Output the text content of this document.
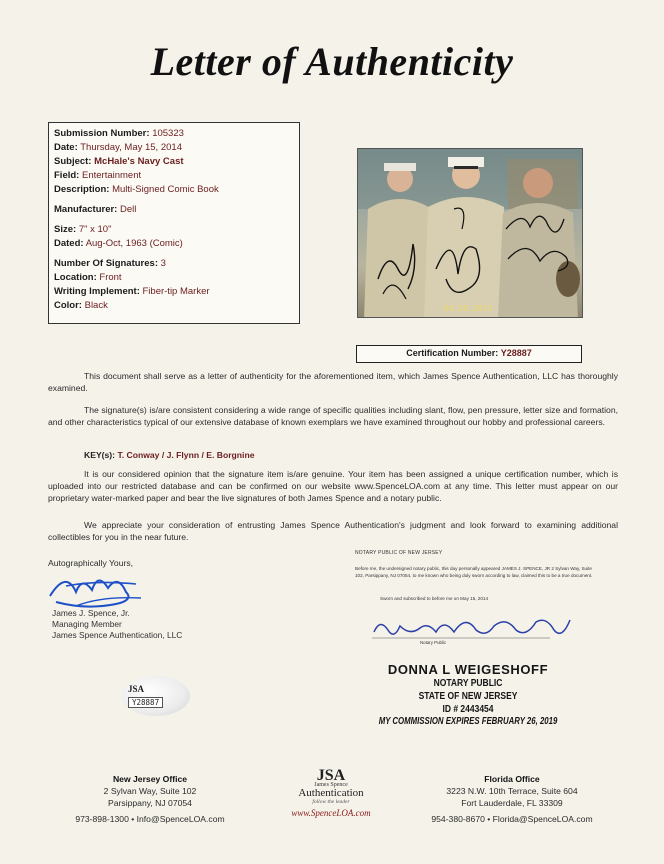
Letter of Authenticity
Submission Number: 105323
Date: Thursday, May 15, 2014
Subject: McHale's Navy Cast
Field: Entertainment
Description: Multi-Signed Comic Book
Manufacturer: Dell
Size: 7" x 10"
Dated: Aug-Oct, 1963 (Comic)
Number Of Signatures: 3
Location: Front
Writing Implement: Fiber-tip Marker
Color: Black	04.28.2014
Certification Number: Y28887
This document shall serve as a letter of authenticity for the aforementioned item, which James Spence Authentication, LLC has thoroughly examined.
The signature(s) is/are consistent considering a wide range of specific qualities including slant, flow, pen pressure, letter size and formation, and other characteristics typical of our extensive database of known exemplars we have examined throughout our hobby and professional careers.
KEY(s): T. Conway / J. Flynn / E. Borgnine
It is our considered opinion that the signature item is/are genuine. Your item has been assigned a unique certification number, which is uploaded into our restricted database and can be confirmed on our website www.SpenceLOA.com at any time. This letter must appear on our proprietary water-marked paper and bear the live signatures of both James Spence and a notary public.
We appreciate your consideration of entrusting James Spence Authentication's judgment and look forward to examining additional collectibles for you in the near future.
Autographically Yours,
James J. Spence, Jr.
Managing Member
James Spence Authentication, LLC
JSA
Y28887
NOTARY PUBLIC OF NEW JERSEY
Before me, the undersigned notary public, this day personally appeared JAMES J. SPENCE, JR 2 Sylvan Way, Suite 102, Parsippany, NJ 07054, to me known who being duly sworn according to law, claimed this to be a true document.
Sworn and subscribed to before me on May 15, 2014
Notary Public
DONNA L WEIGESHOFF
NOTARY PUBLIC
STATE OF NEW JERSEY
ID # 2443454
MY COMMISSION EXPIRES FEBRUARY 26, 2019
New Jersey Office
2 Sylvan Way, Suite 102
Parsippany, NJ 07054
973-898-1300 • Info@SpenceLOA.com
JSA
James Spence
Authentication
follow the leader
www.SpenceLOA.com
Florida Office
3223 N.W. 10th Terrace, Suite 604
Fort Lauderdale, FL 33309
954-380-8670 • Florida@SpenceLOA.com
